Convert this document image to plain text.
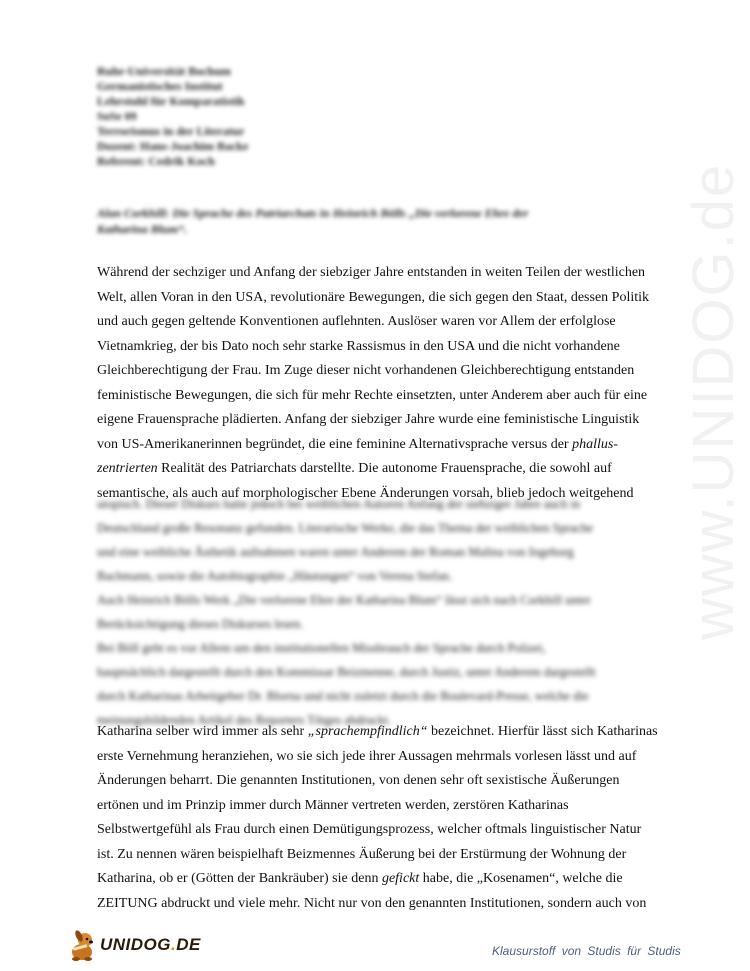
www.UNIDOG.de
Ruhr-Universität Bochum
Germanistisches Institut
Lehrstuhl für Komparatistik
SoSe 09
Terrorismus in der Literatur
Dozent: Hans-Joachim Backe
Referent: Cedrik Koch
Alan Corkhill: Die Sprache des Patriarchats in Heinrich Bölls „Die verlorene Ehre der
Katharina Blum“.
Während der sechziger und Anfang der siebziger Jahre entstanden in weiten Teilen der westlichen
Welt, allen Voran in den USA, revolutionäre Bewegungen, die sich gegen den Staat, dessen Politik
und auch gegen geltende Konventionen auflehnten. Auslöser waren vor Allem der erfolglose
Vietnamkrieg, der bis Dato noch sehr starke Rassismus in den USA und die nicht vorhandene
Gleichberechtigung der Frau. Im Zuge dieser nicht vorhandenen Gleichberechtigung entstanden
feministische Bewegungen, die sich für mehr Rechte einsetzten, unter Anderem aber auch für eine
eigene Frauensprache plädierten. Anfang der siebziger Jahre wurde eine feministische Linguistik
von US-Amerikanerinnen begründet, die eine feminine Alternativsprache versus der phallus-
zentrierten Realität des Patriarchats darstellte. Die autonome Frauensprache, die sowohl auf
semantische, als auch auf morphologischer Ebene Änderungen vorsah, blieb jedoch weitgehend
utopisch. Dieser Diskurs hatte jedoch bei weiblichen Autoren Anfang der siebziger Jahre auch in
Deutschland große Resonanz gefunden. Literarische Werke, die das Thema der weiblichen Sprache
und eine weibliche Ästhetik aufnahmen waren unter Anderem der Roman Malina von Ingeborg
Bachmann, sowie die Autobiographie „Häutungen“ von Verena Stefan.
Auch Heinrich Bölls Werk „Die verlorene Ehre der Katharina Blum“ lässt sich nach Corkhill unter
Berücksichtigung dieses Diskurses lesen.
Bei Böll geht es vor Allem um den institutionellen Missbrauch der Sprache durch Polizei,
hauptsächlich dargestellt durch den Kommissar Beizmenne, durch Justiz, unter Anderem dargestellt
durch Katharinas Arbeitgeber Dr. Blorna und nicht zuletzt durch die Boulevard-Presse, welche die
meinungsbildenden Artikel des Reporters Tötges abdruckt.
Katharina selber wird immer als sehr „sprachempfindlich“ bezeichnet. Hierfür lässt sich Katharinas
erste Vernehmung heranziehen, wo sie sich jede ihrer Aussagen mehrmals vorlesen lässt und auf
Änderungen beharrt. Die genannten Institutionen, von denen sehr oft sexistische Äußerungen
ertönen und im Prinzip immer durch Männer vertreten werden, zerstören Katharinas
Selbstwertgefühl als Frau durch einen Demütigungsprozess, welcher oftmals linguistischer Natur
ist. Zu nennen wären beispielhaft Beizmennes Äußerung bei der Erstürmung der Wohnung der
Katharina, ob er (Götten der Bankräuber) sie denn gefickt habe, die „Kosenamen“, welche die
ZEITUNG abdruckt und viele mehr. Nicht nur von den genannten Institutionen, sondern auch von
UNIDOG.DE	Klausurstoff von Studis für Studis
